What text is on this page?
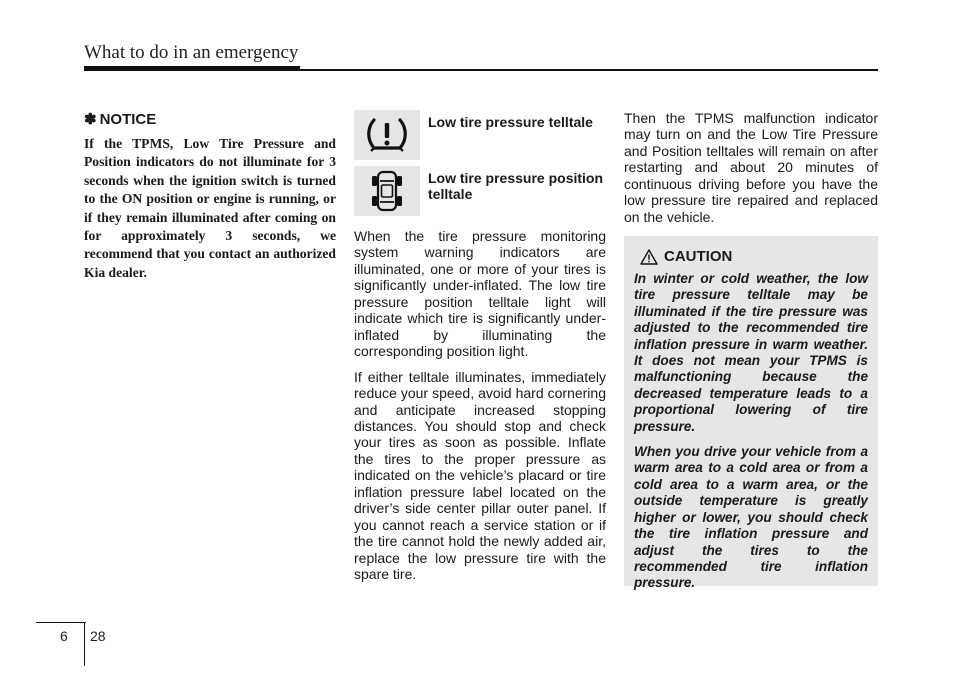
What to do in an emergency
✽ NOTICE

If the TPMS, Low Tire Pressure and Position indicators do not illuminate for 3 seconds when the ignition switch is turned to the ON position or engine is running, or if they remain illuminated after coming on for approximately 3 seconds, we recommend that you contact an authorized Kia dealer.

Low tire pressure telltale
Low tire pressure position telltale

When the tire pressure monitoring system warning indicators are illuminated, one or more of your tires is significantly under-inflated. The low tire pressure position telltale light will indicate which tire is significantly under-inflated by illuminating the corresponding position light.

If either telltale illuminates, immediately reduce your speed, avoid hard cornering and anticipate increased stopping distances. You should stop and check your tires as soon as possible. Inflate the tires to the proper pressure as indicated on the vehicle’s placard or tire inflation pressure label located on the driver’s side center pillar outer panel. If you cannot reach a service station or if the tire cannot hold the newly added air, replace the low pressure tire with the spare tire.

Then the TPMS malfunction indicator may turn on and the Low Tire Pressure and Position telltales will remain on after restarting and about 20 minutes of continuous driving before you have the low pressure tire repaired and replaced on the vehicle.

CAUTION

In winter or cold weather, the low tire pressure telltale may be illuminated if the tire pressure was adjusted to the recommended tire inflation pressure in warm weather. It does not mean your TPMS is malfunctioning because the decreased temperature leads to a proportional lowering of tire pressure.

When you drive your vehicle from a warm area to a cold area or from a cold area to a warm area, or the outside temperature is greatly higher or lower, you should check the tire inflation pressure and adjust the tires to the recommended tire inflation pressure.

6 28
